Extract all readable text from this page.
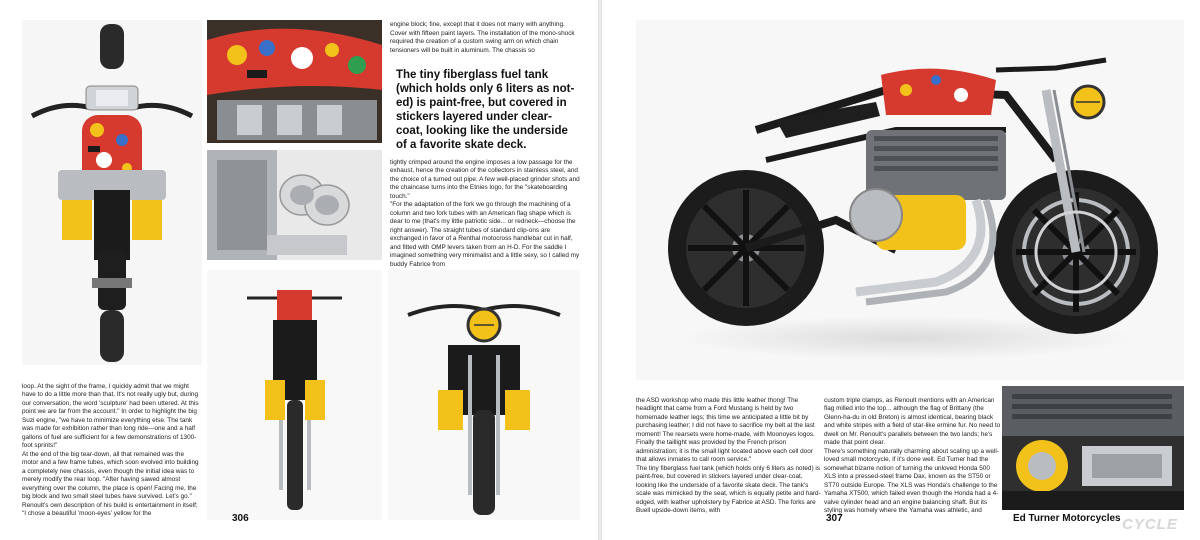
engine block; fine, except that it does not marry with anything. Cover with fifteen paint layers. The installation of the mono-shock required the creation of a custom swing arm on which chain tensioners will be built in aluminum. The chassis so

The tiny fiberglass fuel tank (which holds only 6 liters as not-ed) is paint-free, but covered in stickers layered under clear-coat, looking like the underside of a favorite skate deck.

tightly crimped around the engine imposes a low passage for the exhaust, hence the creation of the collectors in stainless steel, and the choice of a turned out pipe. A few well-placed grinder shots and the chaincase turns into the Etnies logo, for the "skateboarding touch."
"For the adaptation of the fork we go through the machining of a column and two fork tubes with an American flag shape which is dear to me (that's my little patriotic side... or redneck—choose the right answer). The straight tubes of standard clip-ons are exchanged in favor of a Renthal motocross handlebar cut in half, and fitted with OMP levers taken from an H-D. For the saddle I imagined something very minimalist and a little sexy, so I called my buddy Fabrice from

loop. At the sight of the frame, I quickly admit that we might have to do a little more than that. It's not really ugly but, during our conversation, the word 'sculpture' had been uttered. At this point we are far from the account." In order to highlight the big Suzi engine, "we have to minimize everything else. The tank was made for exhibition rather than long ride—one and a half gallons of fuel are sufficient for a few demonstrations of 1300-foot sprints!"
At the end of the big tear-down, all that remained was the motor and a few frame tubes, which soon evolved into building a completely new chassis, even though the initial idea was to merely modify the rear loop. "After having sawed almost everything over the column, the place is open! Facing me, the big block and two small steel tubes have survived. Let's go." Renoult's own description of his build is entertainment in itself; "I chose a beautiful 'moon-eyes' yellow for the	306

the ASD workshop who made this little leather thong! The headlight that came from a Ford Mustang is held by two homemade leather legs; this time we anticipated a little bit by purchasing leather; I did not have to sacrifice my belt at the last moment! The rearsets were home-made, with Moonoyes logos. Finally the taillight was provided by the French prison administration; it is the small light located above each cell door that allows inmates to call room service."
The tiny fiberglass fuel tank (which holds only 6 liters as noted) is paint-free, but covered in stickers layered under clear-coat, looking like the underside of a favorite skate deck. The tank's scale was mimicked by the seat, which is equally petite and hard-edged, with leather upholstery by Fabrice at ASD. The forks are Buell upside-down items, with

custom triple clamps, as Renoult mentions with an American flag milled into the top... although the flag of Brittany (the Glenn-ha-du in old Breton) is almost identical, bearing black and white stripes with a field of star-like ermine fur. No need to dwell on Mr. Renoult's parallels between the two lands; he's made that point clear.
There's something naturally charming about scaling up a well-loved small motorcycle, if it's done well. Ed Turner had the somewhat bizarre notion of turning the unloved Honda 500 XLS into a pressed-steel frame Dax, known as the ST50 or ST70 outside Europe. The XLS was Honda's challenge to the Yamaha XT500, which failed even though the Honda had a 4-valve cylinder head and an engine balancing shaft. But its styling was homely where the Yamaha was athletic, and

CYCLE
307	Ed Turner Motorcycles
